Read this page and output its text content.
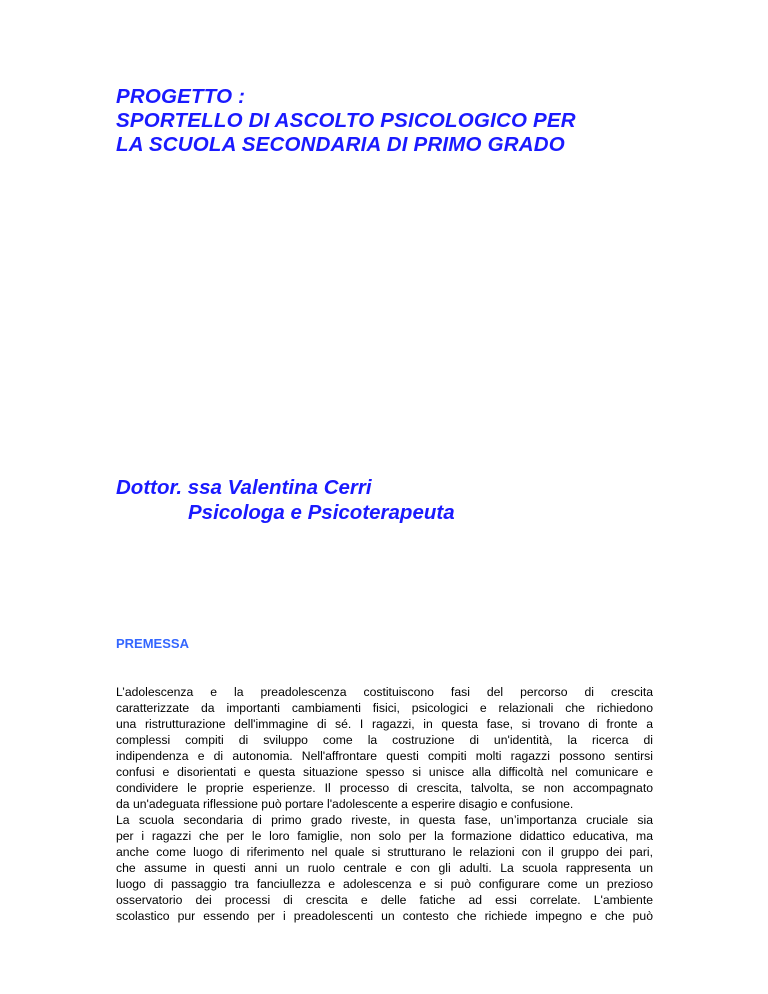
PROGETTO :
SPORTELLO DI ASCOLTO PSICOLOGICO PER
LA SCUOLA SECONDARIA DI PRIMO GRADO

Dottor. ssa Valentina Cerri

Psicologa e Psicoterapeuta

PREMESSA

L’adolescenza e la preadolescenza costituiscono fasi del percorso di crescita
caratterizzate da importanti cambiamenti fisici, psicologici e relazionali che richiedono
una ristrutturazione dell'immagine di sé. I ragazzi, in questa fase, si trovano di fronte a
complessi compiti di sviluppo come la costruzione di un'identità, la ricerca di
indipendenza e di autonomia. Nell'affrontare questi compiti molti ragazzi possono sentirsi
confusi e disorientati e questa situazione spesso si unisce alla difficoltà nel comunicare e
condividere le proprie esperienze. Il processo di crescita, talvolta, se non accompagnato
da un'adeguata riflessione può portare l'adolescente a esperire disagio e confusione.

La scuola secondaria di primo grado riveste, in questa fase, un’importanza cruciale sia
per i ragazzi che per le loro famiglie, non solo per la formazione didattico educativa, ma
anche come luogo di riferimento nel quale si strutturano le relazioni con il gruppo dei pari,
che assume in questi anni un ruolo centrale e con gli adulti. La scuola rappresenta un
luogo di passaggio tra fanciullezza e adolescenza e si può configurare come un prezioso
osservatorio dei processi di crescita e delle fatiche ad essi correlate. L'ambiente
scolastico pur essendo per i preadolescenti un contesto che richiede impegno e che può
